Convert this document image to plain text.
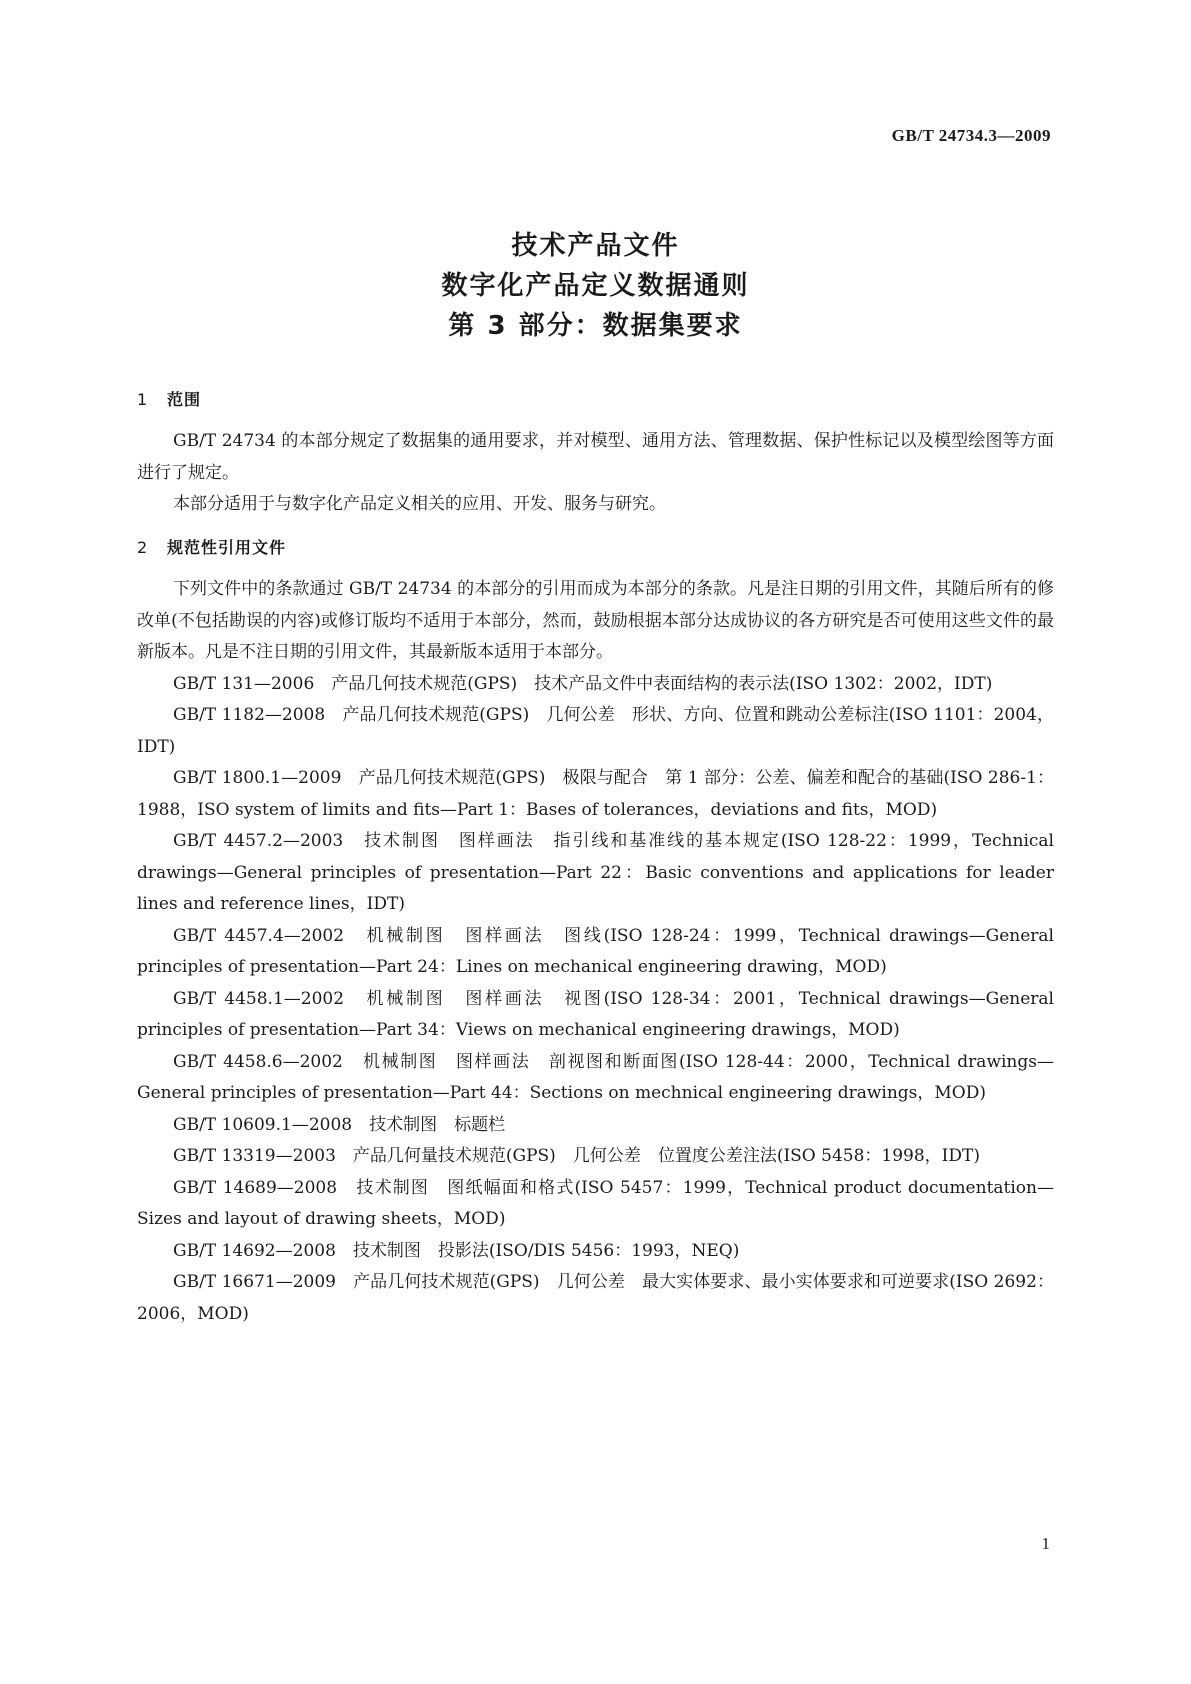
GB/T 24734.3—2009
技术产品文件
数字化产品定义数据通则
第 3 部分：数据集要求
1 范围

GB/T 24734 的本部分规定了数据集的通用要求，并对模型、通用方法、管理数据、保护性标记以及模型绘图等方面进行了规定。

本部分适用于与数字化产品定义相关的应用、开发、服务与研究。

2 规范性引用文件

下列文件中的条款通过 GB/T 24734 的本部分的引用而成为本部分的条款。凡是注日期的引用文件，其随后所有的修改单(不包括勘误的内容)或修订版均不适用于本部分，然而，鼓励根据本部分达成协议的各方研究是否可使用这些文件的最新版本。凡是不注日期的引用文件，其最新版本适用于本部分。

GB/T 131—2006　产品几何技术规范(GPS)　技术产品文件中表面结构的表示法(ISO 1302：2002，IDT)

GB/T 1182—2008　产品几何技术规范(GPS)　几何公差　形状、方向、位置和跳动公差标注(ISO 1101：2004，IDT)

GB/T 1800.1—2009　产品几何技术规范(GPS)　极限与配合　第 1 部分：公差、偏差和配合的基础(ISO 286-1：1988，ISO system of limits and fits—Part 1：Bases of tolerances，deviations and fits，MOD)

GB/T 4457.2—2003　技术制图　图样画法　指引线和基准线的基本规定(ISO 128-22：1999，Technical drawings—General principles of presentation—Part 22：Basic conventions and applications for leader lines and reference lines，IDT)

GB/T 4457.4—2002　机械制图　图样画法　图线(ISO 128-24：1999，Technical drawings—General principles of presentation—Part 24：Lines on mechanical engineering drawing，MOD)

GB/T 4458.1—2002　机械制图　图样画法　视图(ISO 128-34：2001，Technical drawings—General principles of presentation—Part 34：Views on mechanical engineering drawings，MOD)

GB/T 4458.6—2002　机械制图　图样画法　剖视图和断面图(ISO 128-44：2000，Technical drawings—General principles of presentation—Part 44：Sections on mechnical engineering drawings，MOD)

GB/T 10609.1—2008　技术制图　标题栏

GB/T 13319—2003　产品几何量技术规范(GPS)　几何公差　位置度公差注法(ISO 5458：1998，IDT)

GB/T 14689—2008　技术制图　图纸幅面和格式(ISO 5457：1999，Technical product documentation—Sizes and layout of drawing sheets，MOD)

GB/T 14692—2008　技术制图　投影法(ISO/DIS 5456：1993，NEQ)

GB/T 16671—2009　产品几何技术规范(GPS)　几何公差　最大实体要求、最小实体要求和可逆要求(ISO 2692：2006，MOD)

1
